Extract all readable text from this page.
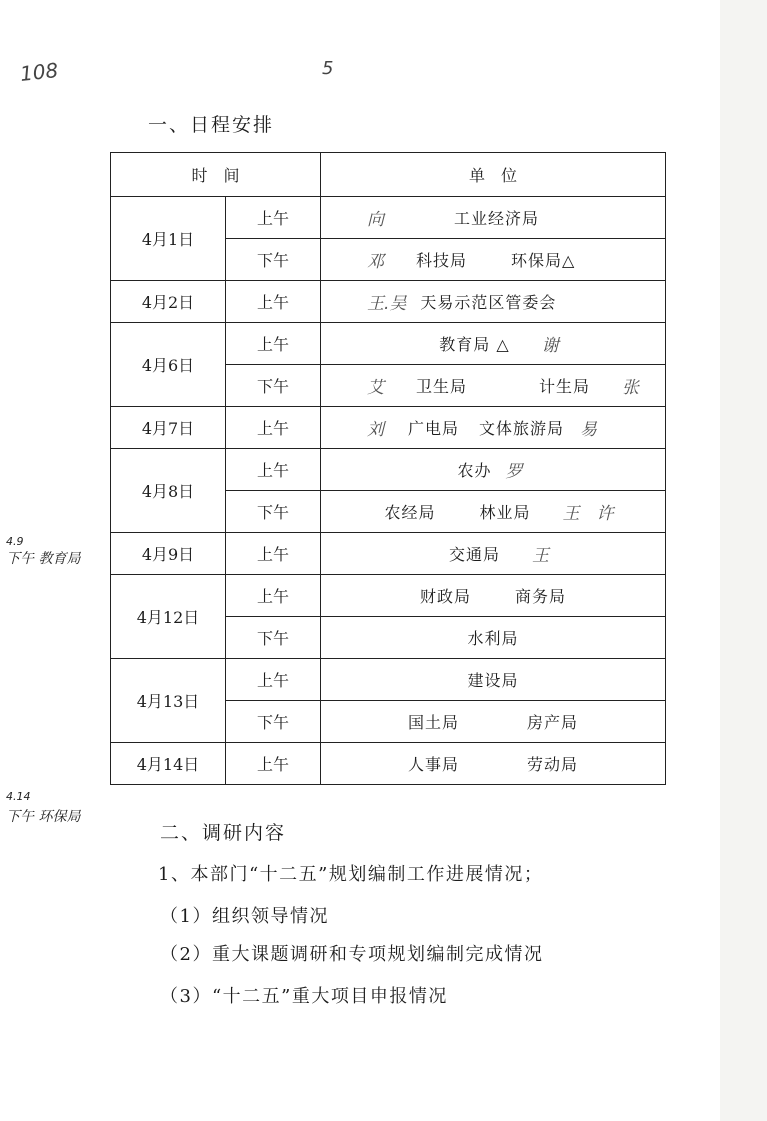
108	5
一、日程安排
时　间		单　位
4月1日	上午	向 工业经济局

	下午	邓 科技局 环保局△

4月2日	上午	王.吴 天易示范区管委会

4月6日	上午	教育局 △ 谢

	下午	艾 卫生局 计生局 张

4月7日	上午	刘 广电局 文体旅游局 易

4月8日	上午	农办 罗

	下午	农经局 林业局 王　许

4月9日	上午	交通局 王

4月12日	上午	财政局 商务局

	下午	水利局

4月13日	上午	建设局

	下午	国土局 房产局

4月14日	上午	人事局 劳动局
4.9
下午 教育局
4.14
下午 环保局
二、调研内容
1、本部门“十二五”规划编制工作进展情况；
（1）组织领导情况
（2）重大课题调研和专项规划编制完成情况
（3）“十二五”重大项目申报情况
